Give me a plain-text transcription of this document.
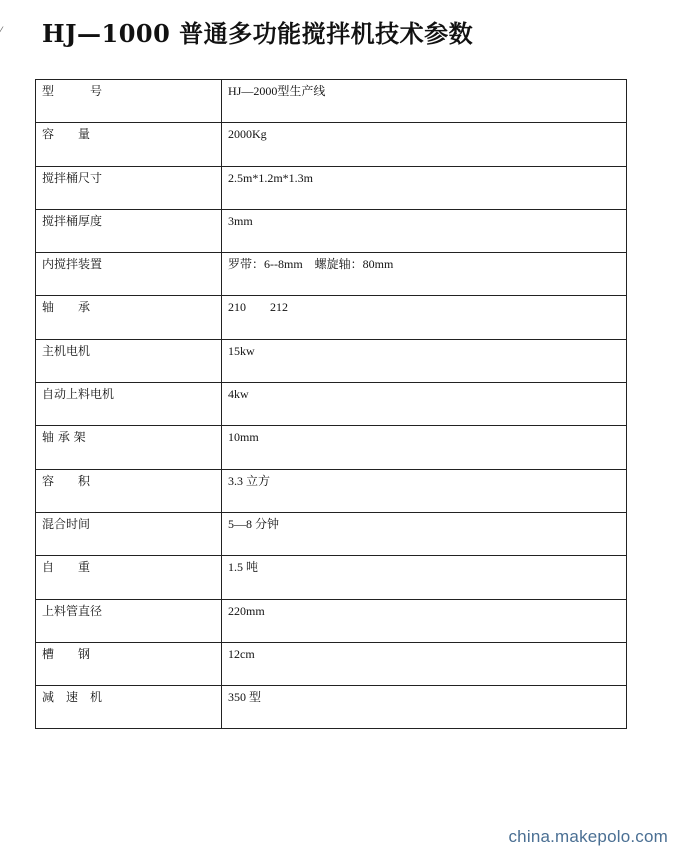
⁄ HJ—1000 普通多功能搅拌机技术参数
型　　　号	HJ—2000型生产线
容　　量	2000Kg
搅拌桶尺寸	2.5m*1.2m*1.3m
搅拌桶厚度	3mm
内搅拌装置	罗带：6--8mm　螺旋轴：80mm
轴　　承	210　　212
主机电机	15kw
自动上料电机	4kw
轴 承 架	10mm
容　　积	3.3 立方
混合时间	5—8 分钟
自　　重	1.5 吨
上料管直径	220mm
槽　　钢	12cm
减　速　机	350 型
china.makepolo.com
